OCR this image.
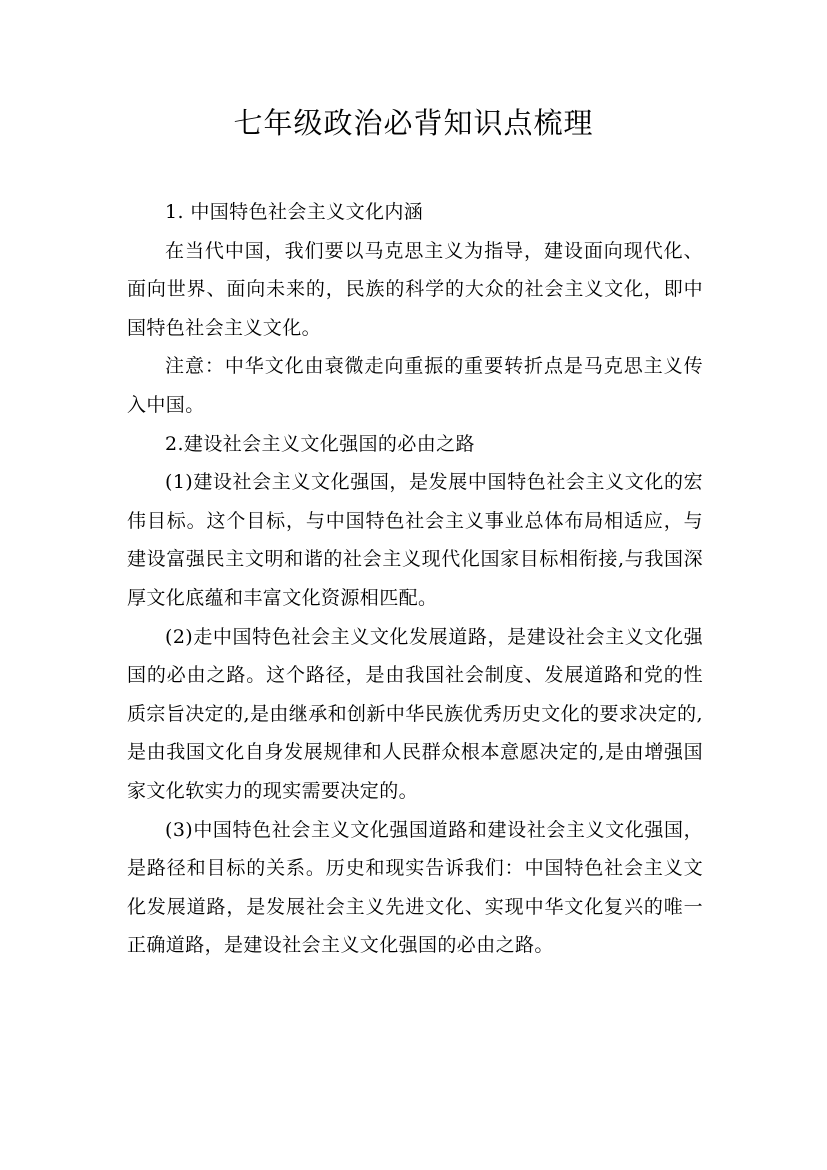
七年级政治必背知识点梳理

1. 中国特色社会主义文化内涵

在当代中国，我们要以马克思主义为指导，建设面向现代化、面向世界、面向未来的，民族的科学的大众的社会主义文化，即中国特色社会主义文化。

注意：中华文化由衰微走向重振的重要转折点是马克思主义传入中国。

2.建设社会主义文化强国的必由之路

(1)建设社会主义文化强国，是发展中国特色社会主义文化的宏伟目标。这个目标，与中国特色社会主义事业总体布局相适应，与建设富强民主文明和谐的社会主义现代化国家目标相衔接,与我国深厚文化底蕴和丰富文化资源相匹配。

(2)走中国特色社会主义文化发展道路，是建设社会主义文化强国的必由之路。这个路径，是由我国社会制度、发展道路和党的性质宗旨决定的,是由继承和创新中华民族优秀历史文化的要求决定的,是由我国文化自身发展规律和人民群众根本意愿决定的,是由增强国家文化软实力的现实需要决定的。

(3)中国特色社会主义文化强国道路和建设社会主义文化强国，是路径和目标的关系。历史和现实告诉我们：中国特色社会主义文化发展道路，是发展社会主义先进文化、实现中华文化复兴的唯一正确道路，是建设社会主义文化强国的必由之路。
